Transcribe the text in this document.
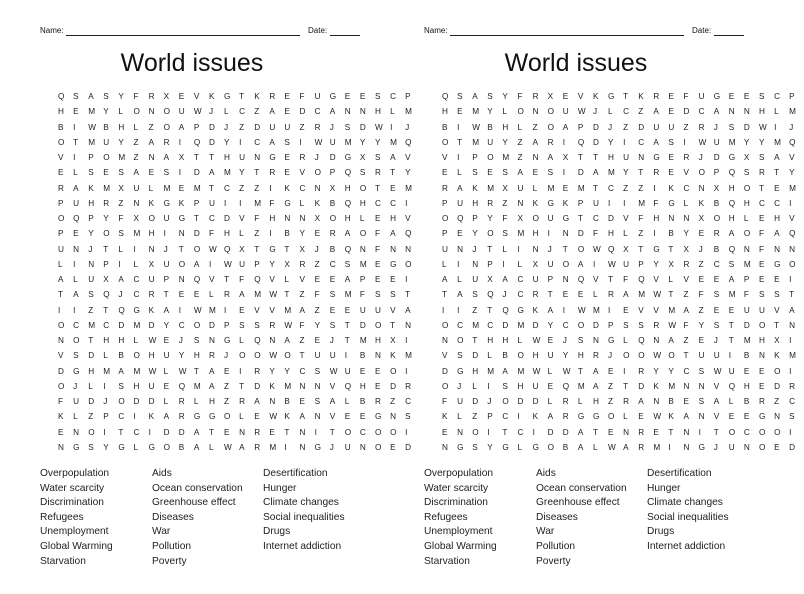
Name:	Date:
World issues
Q	S	A	S	Y	F	R	X	E	V	K	G	T	K	R	E	F	U	G	E	E	S	C	P
H	E	M	Y	L	O	N	O	U	W J	L	C	Z	A	E	D	C	A	N	N	H	L	M
B	I	W B	H	L	Z	O	A	P	D	J	Z	D	U	U	Z	R	J	S	D	W I	J
O	T	M	U	Y	Z	A	R	I	Q	D	Y	I	C	A	S	I	W U	M	Y	Y	M	Q
V	I	P	O	M	Z	N	A	X	T	T	H	U	N	G	E	R	J	D	G	X	S	A	V
E	L	S	E	S	A	E	S	I	D	A	M	Y	T	R	E	V	O	P	Q	S	R	T	Y
R	A	K	M	X	U	L	M	E	M	T	C	Z	Z	I	K	C	N	X	H	O	T	E	M
P	U	H	R	Z	N	K	G	K	P	U	I	I	M	F	G	L	K	B	Q	H	C	C	I
O	Q	P	Y	F	X	O	U	G	T	C	D	V	F	H	N	N	X	O	H	L	E	H	V
P	E	Y	O	S	M	H	I	N	D	F	H	L	Z	I	B	Y	E	R	A	O	F	A	Q
U	N	J	T	L	I	N	J	T	O	W Q	X	T	G	T	X	J	B	Q	N	F	N	N
L	I	N	P	I	L	X	U	O	A	I	W U	P	Y	X	R	Z	C	S	M	E	G	O
A	L	U	X	A	C	U	P	N	Q	V	T	F	Q	V	L	V	E	E	A	P	E	E	I
T	A	S	Q	J	C	R	T	E	E	L	R	A	M	W T	Z	F	S	M	F	S	S	T
I	I	Z	T	Q	G	K	A	I	W M	I	E	V	V	M	A	Z	E	E	U	U	V	A
O	C	M	C	D	M	D	Y	C	O	D	P	S	S	R	W F	Y	S	T	D	O	T	N
N	O	T	H	H	L	W E	J	S	N	G	L	Q	N	A	Z	E	J	T	M	H	X	I
V	S	D	L	B	O	H	U	Y	H	R	J	O	O	W O	T	U	U	I	B	N	K	M
D	G	H	M	A	M	W L	W T	A	E	I	R	Y	Y	C	S	W U	E	E	O	I
O	J	L	I	S	H	U	E	Q	M	A	Z	T	D	K	M	N	N	V	Q	H	E	D	R
F	U	D	J	O	D	D	L	R	L	H	Z	R	A	N	B	E	S	A	L	B	R	Z	C
K	L	Z	P	C	I	K	A	R	G	G	O	L	E	W K	A	N	V	E	E	G	N	S
E	N	O	I	T	C	I	D	D	A	T	E	N	R	E	T	N	I	T	O	C	O	O	I
N	G	S	Y	G	L	G	O	B	A	L	W A	R	M	I	N	G	J	U	N	O	E	D
Overpopulation
Water scarcity
Discrimination
Refugees
Unemployment
Global Warming
Starvation
Aids
Ocean conservation
Greenhouse effect
Diseases
War
Pollution
Poverty
Desertification
Hunger
Climate changes
Social inequalities
Drugs
Internet addiction
Name:	Date:
World issues
Q	S	A	S	Y	F	R	X	E	V	K	G	T	K	R	E	F	U	G	E	E	S	C	P
H	E	M	Y	L	O	N	O	U	W J	L	C	Z	A	E	D	C	A	N	N	H	L	M
B	I	W B	H	L	Z	O	A	P	D	J	Z	D	U	U	Z	R	J	S	D	W I	J
O	T	M	U	Y	Z	A	R	I	Q	D	Y	I	C	A	S	I	W U	M	Y	Y	M	Q
V	I	P	O	M	Z	N	A	X	T	T	H	U	N	G	E	R	J	D	G	X	S	A	V
E	L	S	E	S	A	E	S	I	D	A	M	Y	T	R	E	V	O	P	Q	S	R	T	Y
R	A	K	M	X	U	L	M	E	M	T	C	Z	Z	I	K	C	N	X	H	O	T	E	M
P	U	H	R	Z	N	K	G	K	P	U	I	I	M	F	G	L	K	B	Q	H	C	C	I
O	Q	P	Y	F	X	O	U	G	T	C	D	V	F	H	N	N	X	O	H	L	E	H	V
P	E	Y	O	S	M	H	I	N	D	F	H	L	Z	I	B	Y	E	R	A	O	F	A	Q
U	N	J	T	L	I	N	J	T	O	W Q	X	T	G	T	X	J	B	Q	N	F	N	N
L	I	N	P	I	L	X	U	O	A	I	W U	P	Y	X	R	Z	C	S	M	E	G	O
A	L	U	X	A	C	U	P	N	Q	V	T	F	Q	V	L	V	E	E	A	P	E	E	I
T	A	S	Q	J	C	R	T	E	E	L	R	A	M	W T	Z	F	S	M	F	S	S	T
I	I	Z	T	Q	G	K	A	I	W M	I	E	V	V	M	A	Z	E	E	U	U	V	A
O	C	M	C	D	M	D	Y	C	O	D	P	S	S	R	W F	Y	S	T	D	O	T	N
N	O	T	H	H	L	W E	J	S	N	G	L	Q	N	A	Z	E	J	T	M	H	X	I
V	S	D	L	B	O	H	U	Y	H	R	J	O	O	W O	T	U	U	I	B	N	K	M
D	G	H	M	A	M	W L	W T	A	E	I	R	Y	Y	C	S	W U	E	E	O	I
O	J	L	I	S	H	U	E	Q	M	A	Z	T	D	K	M	N	N	V	Q	H	E	D	R
F	U	D	J	O	D	D	L	R	L	H	Z	R	A	N	B	E	S	A	L	B	R	Z	C
K	L	Z	P	C	I	K	A	R	G	G	O	L	E	W K	A	N	V	E	E	G	N	S
E	N	O	I	T	C	I	D	D	A	T	E	N	R	E	T	N	I	T	O	C	O	O	I
N	G	S	Y	G	L	G	O	B	A	L	W A	R	M	I	N	G	J	U	N	O	E	D
Overpopulation
Water scarcity
Discrimination
Refugees
Unemployment
Global Warming
Starvation
Aids
Ocean conservation
Greenhouse effect
Diseases
War
Pollution
Poverty
Desertification
Hunger
Climate changes
Social inequalities
Drugs
Internet addiction
